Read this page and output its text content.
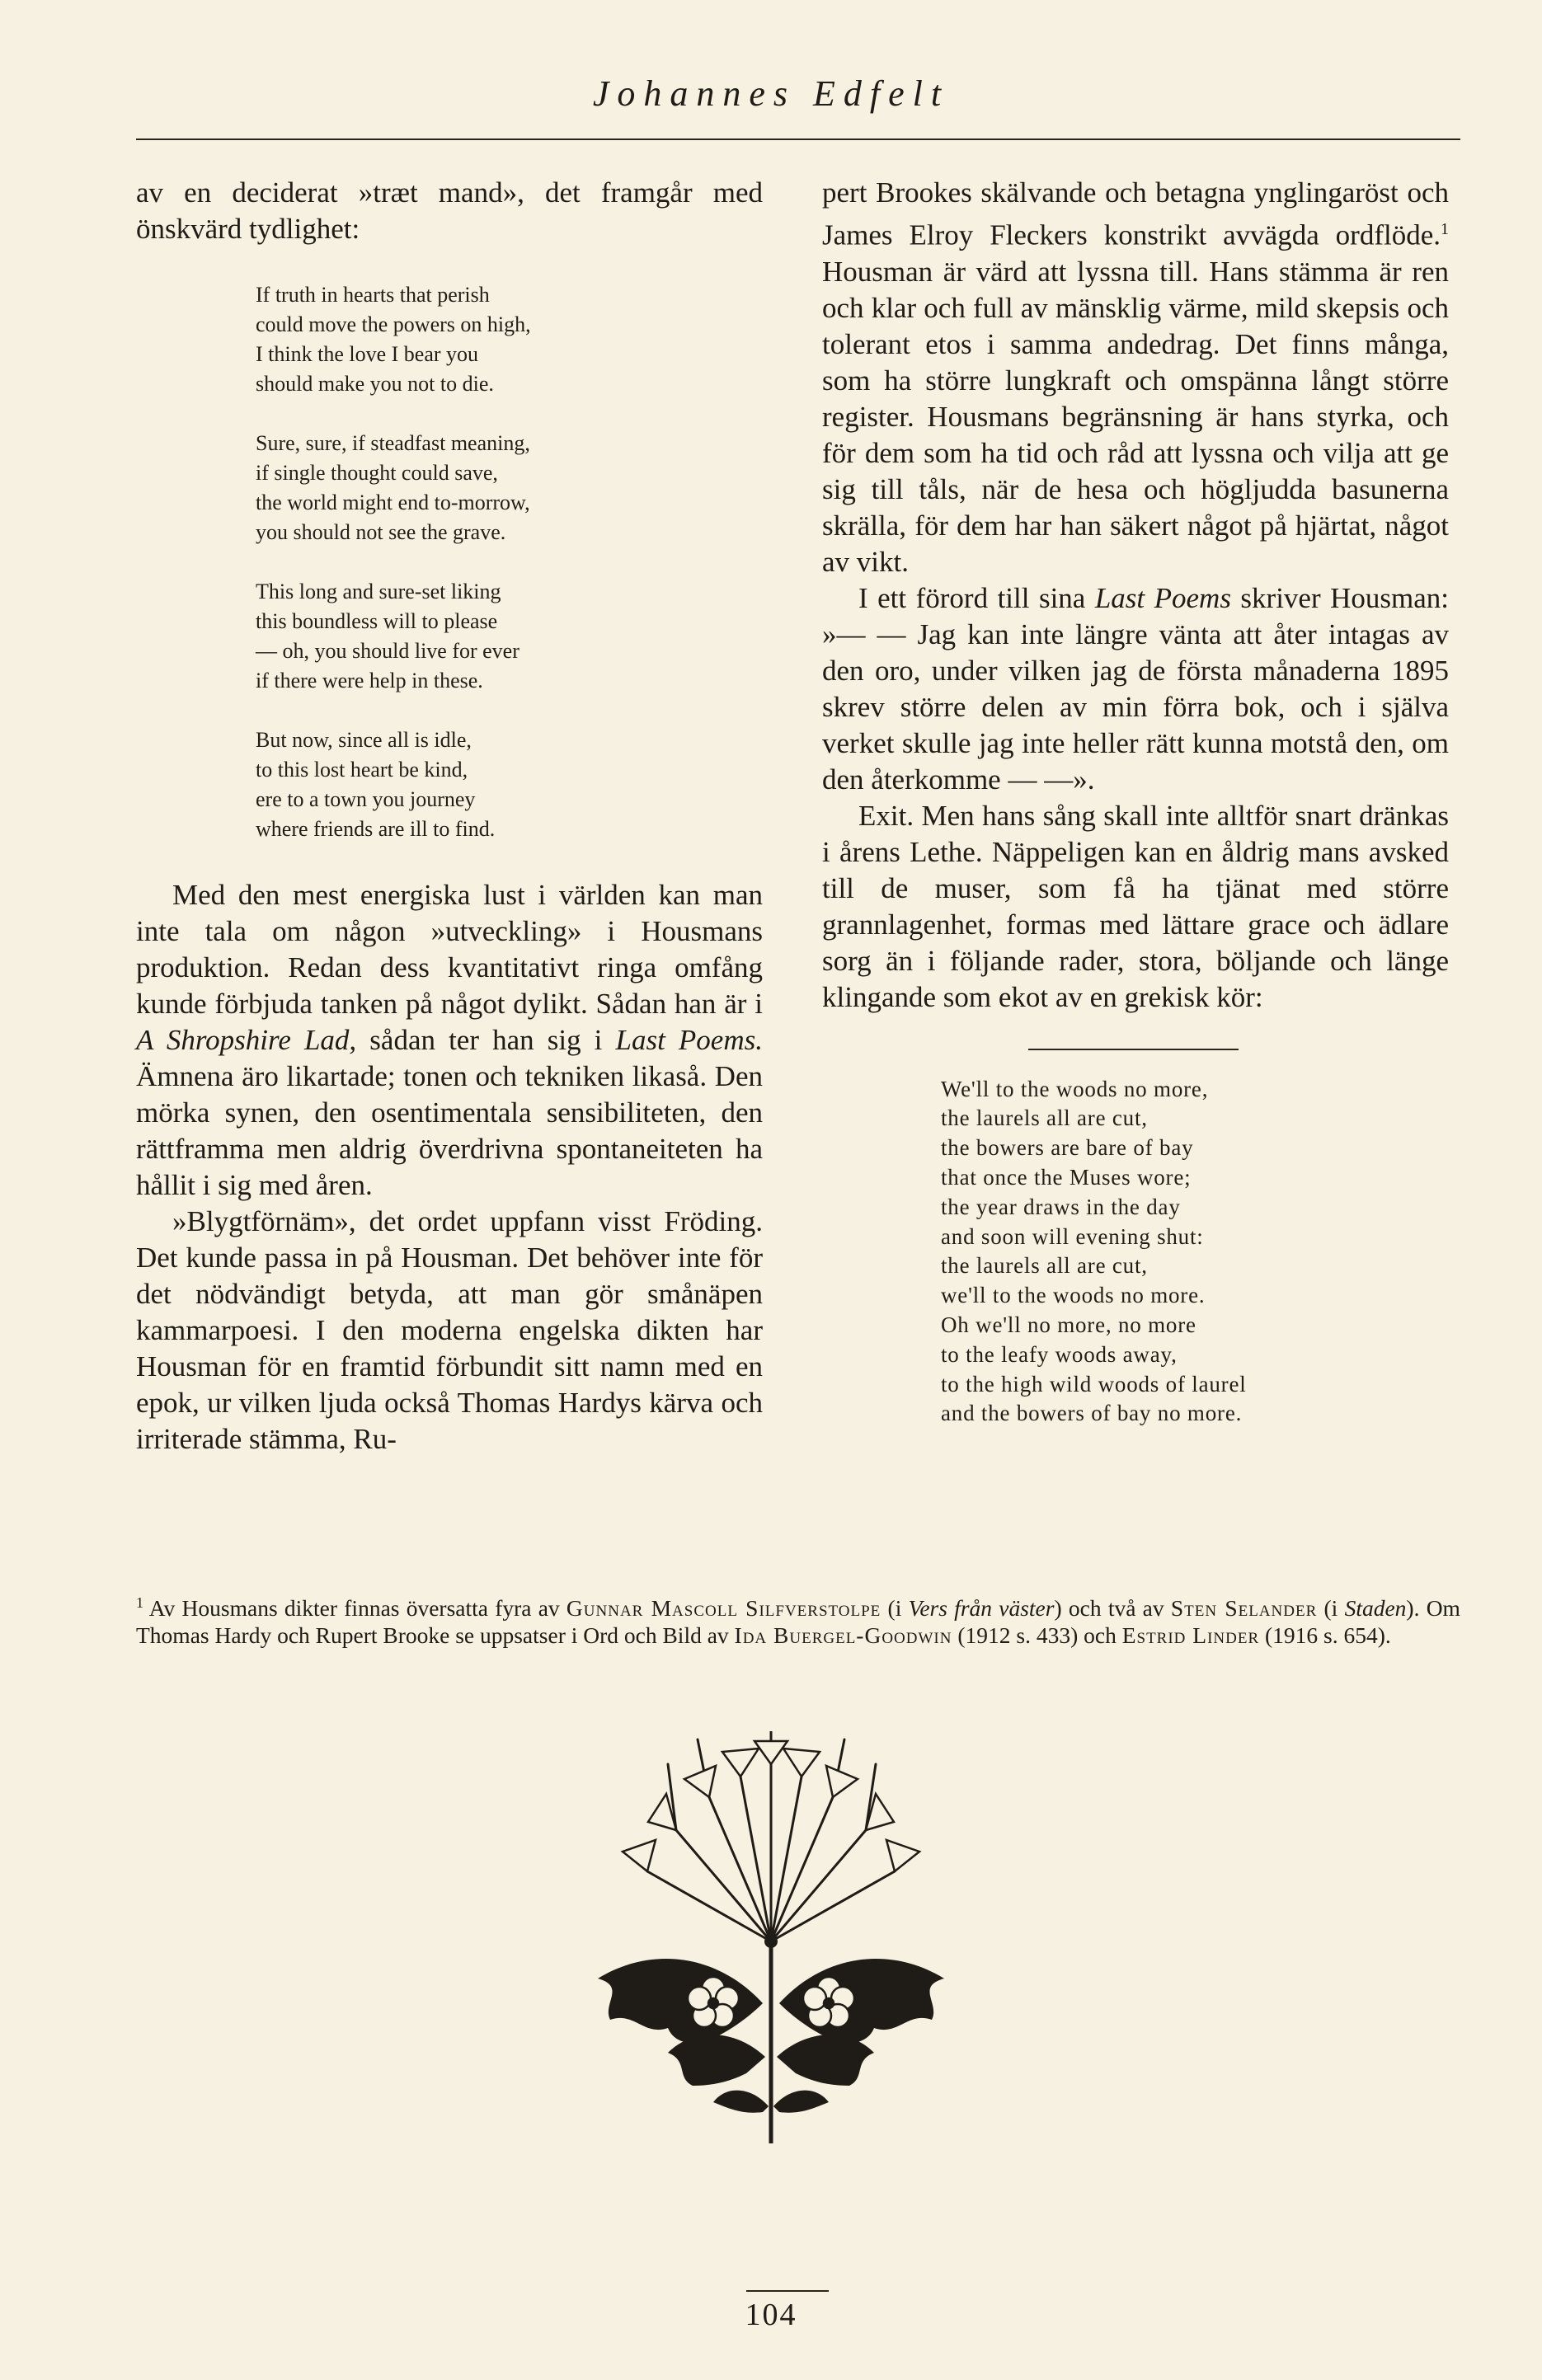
Johannes Edfelt

av en deciderat »træt mand», det framgår med önskvärd tydlighet:

If truth in hearts that perish
could move the powers on high,
I think the love I bear you
should make you not to die.
Sure, sure, if steadfast meaning,
if single thought could save,
the world might end to-morrow,
you should not see the grave.
This long and sure-set liking
this boundless will to please
— oh, you should live for ever
if there were help in these.
But now, since all is idle,
to this lost heart be kind,
ere to a town you journey
where friends are ill to find.

Med den mest energiska lust i världen kan man inte tala om någon »utveckling» i Housmans produktion. Redan dess kvantitativt ringa omfång kunde förbjuda tanken på något dylikt. Sådan han är i A Shropshire Lad, sådan ter han sig i Last Poems. Ämnena äro likartade; tonen och tekniken likaså. Den mörka synen, den osentimentala sensibiliteten, den rättframma men aldrig överdrivna spontaneiteten ha hållit i sig med åren.

»Blygtförnäm», det ordet uppfann visst Fröding. Det kunde passa in på Housman. Det behöver inte för det nödvändigt betyda, att man gör smånäpen kammarpoesi. I den moderna engelska dikten har Housman för en framtid förbundit sitt namn med en epok, ur vilken ljuda också Thomas Hardys kärva och irriterade stämma, Ru-

pert Brookes skälvande och betagna ynglingaröst och James Elroy Fleckers konstrikt avvägda ordflöde.$^1$ Housman är värd att lyssna till. Hans stämma är ren och klar och full av mänsklig värme, mild skepsis och tolerant etos i samma andedrag. Det finns många, som ha större lungkraft och omspänna långt större register. Housmans begränsning är hans styrka, och för dem som ha tid och råd att lyssna och vilja att ge sig till tåls, när de hesa och högljudda basunerna skrälla, för dem har han säkert något på hjärtat, något av vikt.

I ett förord till sina Last Poems skriver Housman: »— — Jag kan inte längre vänta att åter intagas av den oro, under vilken jag de första månaderna 1895 skrev större delen av min förra bok, och i själva verket skulle jag inte heller rätt kunna motstå den, om den återkomme — —».

Exit. Men hans sång skall inte alltför snart dränkas i årens Lethe. Näppeligen kan en åldrig mans avsked till de muser, som få ha tjänat med större grannlagenhet, formas med lättare grace och ädlare sorg än i följande rader, stora, böljande och länge klingande som ekot av en grekisk kör:

We'll to the woods no more,
the laurels all are cut,
the bowers are bare of bay
that once the Muses wore;
the year draws in the day
and soon will evening shut:
the laurels all are cut,
we'll to the woods no more.
Oh we'll no more, no more
to the leafy woods away,
to the high wild woods of laurel
and the bowers of bay no more.
$^1$ Av Housmans dikter finnas översatta fyra av Gunnar Mascoll Silfverstolpe (i Vers från väster) och två av Sten Selander (i Staden). Om Thomas Hardy och Rupert Brooke se uppsatser i Ord och Bild av Ida Buergel-Goodwin (1912 s. 433) och Estrid Linder (1916 s. 654).
104
